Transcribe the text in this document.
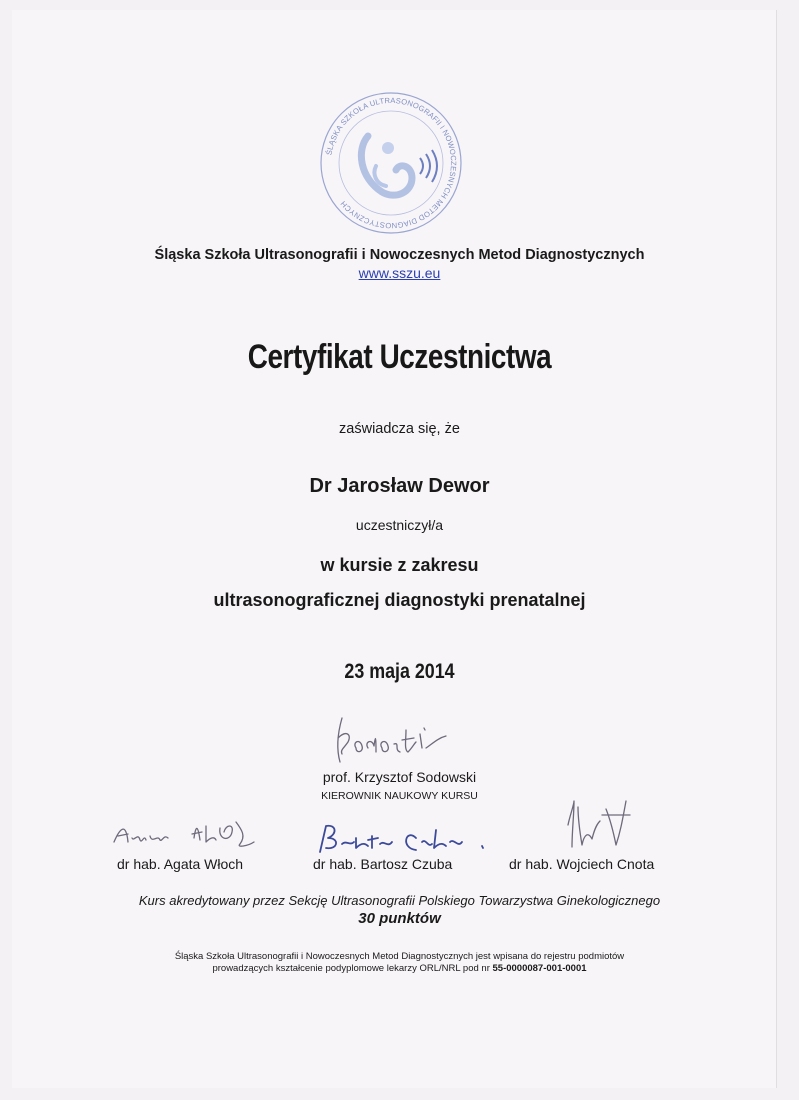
ŚLĄSKA SZKOŁA ULTRASONOGRAFII I NOWOCZESNYCH METOD DIAGNOSTYCZNYCH
Śląska Szkoła Ultrasonografii i Nowoczesnych Metod Diagnostycznych
www.sszu.eu
Certyfikat Uczestnictwa
zaświadcza się, że
Dr Jarosław Dewor
uczestniczył/a
w kursie z zakresu
ultrasonograficznej diagnostyki prenatalnej
23 maja 2014
prof. Krzysztof Sodowski
KIEROWNIK NAUKOWY KURSU
dr hab. Agata Włoch	dr hab. Bartosz Czuba	dr hab. Wojciech Cnota
Kurs akredytowany przez Sekcję Ultrasonografii Polskiego Towarzystwa Ginekologicznego
30 punktów
Śląska Szkoła Ultrasonografii i Nowoczesnych Metod Diagnostycznych jest wpisana do rejestru podmiotów
prowadzących kształcenie podyplomowe lekarzy ORL/NRL pod nr 55-0000087-001-0001
